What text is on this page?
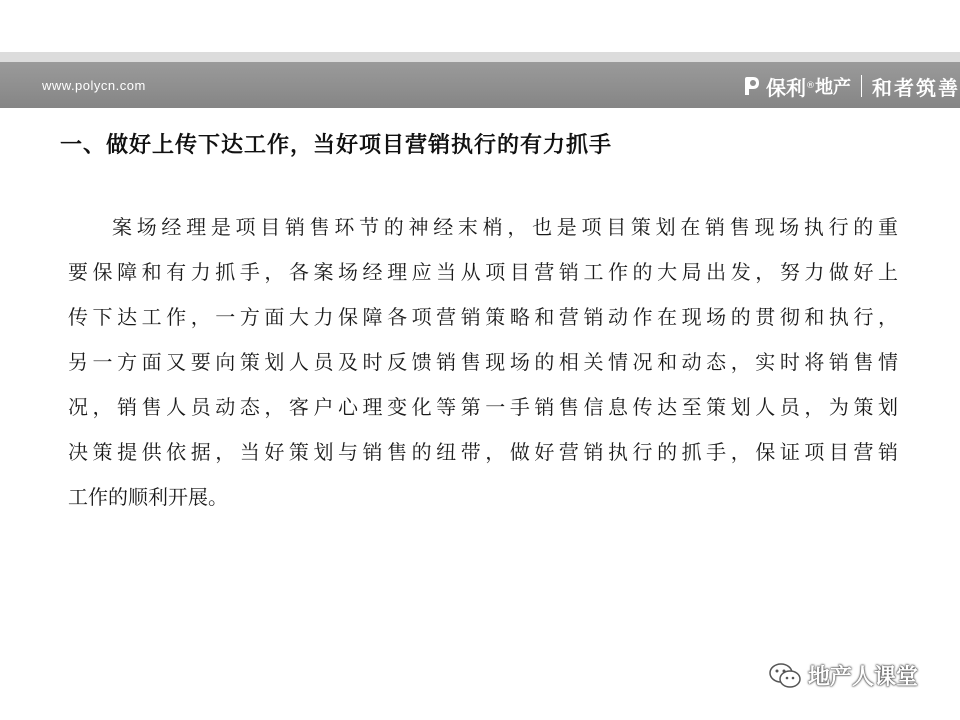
www.polycn.com	保利 ® 地产 和者筑善
一、做好上传下达工作，当好项目营销执行的有力抓手
案场经理是项目销售环节的神经末梢，也是项目策划在销售现场执行的重
要保障和有力抓手，各案场经理应当从项目营销工作的大局出发，努力做好上
传下达工作，一方面大力保障各项营销策略和营销动作在现场的贯彻和执行，
另一方面又要向策划人员及时反馈销售现场的相关情况和动态，实时将销售情
况，销售人员动态，客户心理变化等第一手销售信息传达至策划人员，为策划
决策提供依据，当好策划与销售的纽带，做好营销执行的抓手，保证项目营销
工作的顺利开展。
地产人课堂
